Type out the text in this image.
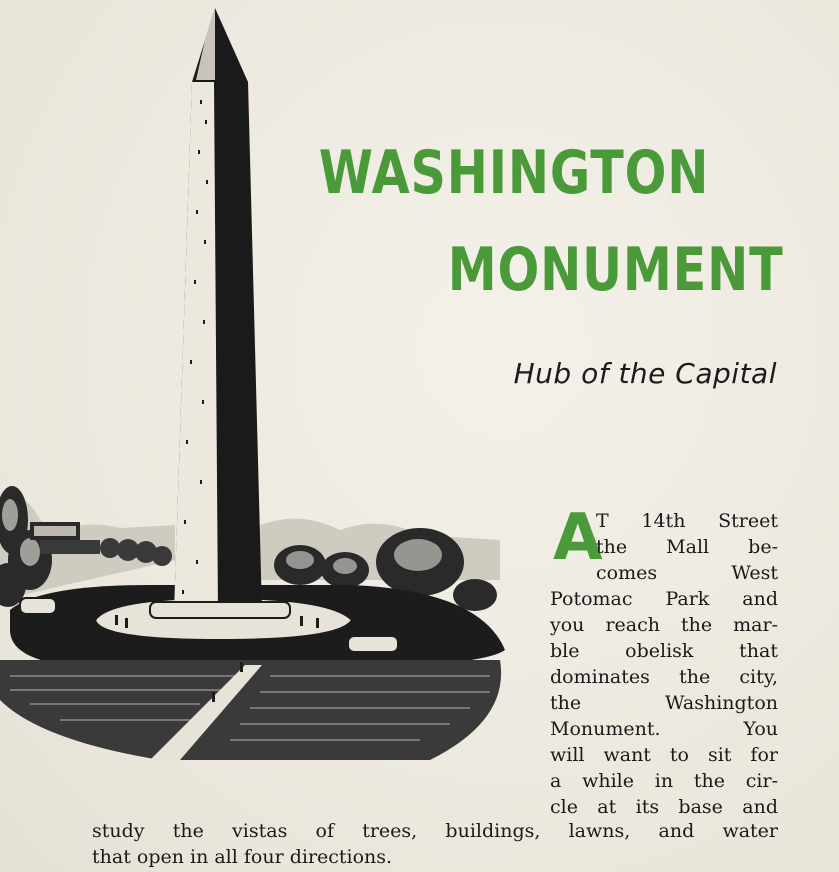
WASHINGTON
MONUMENT
Hub of the Capital
A
T 14th Street
the Mall be-
comes West
Potomac Park and
you reach the mar-
ble obelisk that
dominates the city,
the Washington
Monument. You
will want to sit for
a while in the cir-
cle at its base and
study the vistas of trees, buildings, lawns, and water
that open in all four directions.
